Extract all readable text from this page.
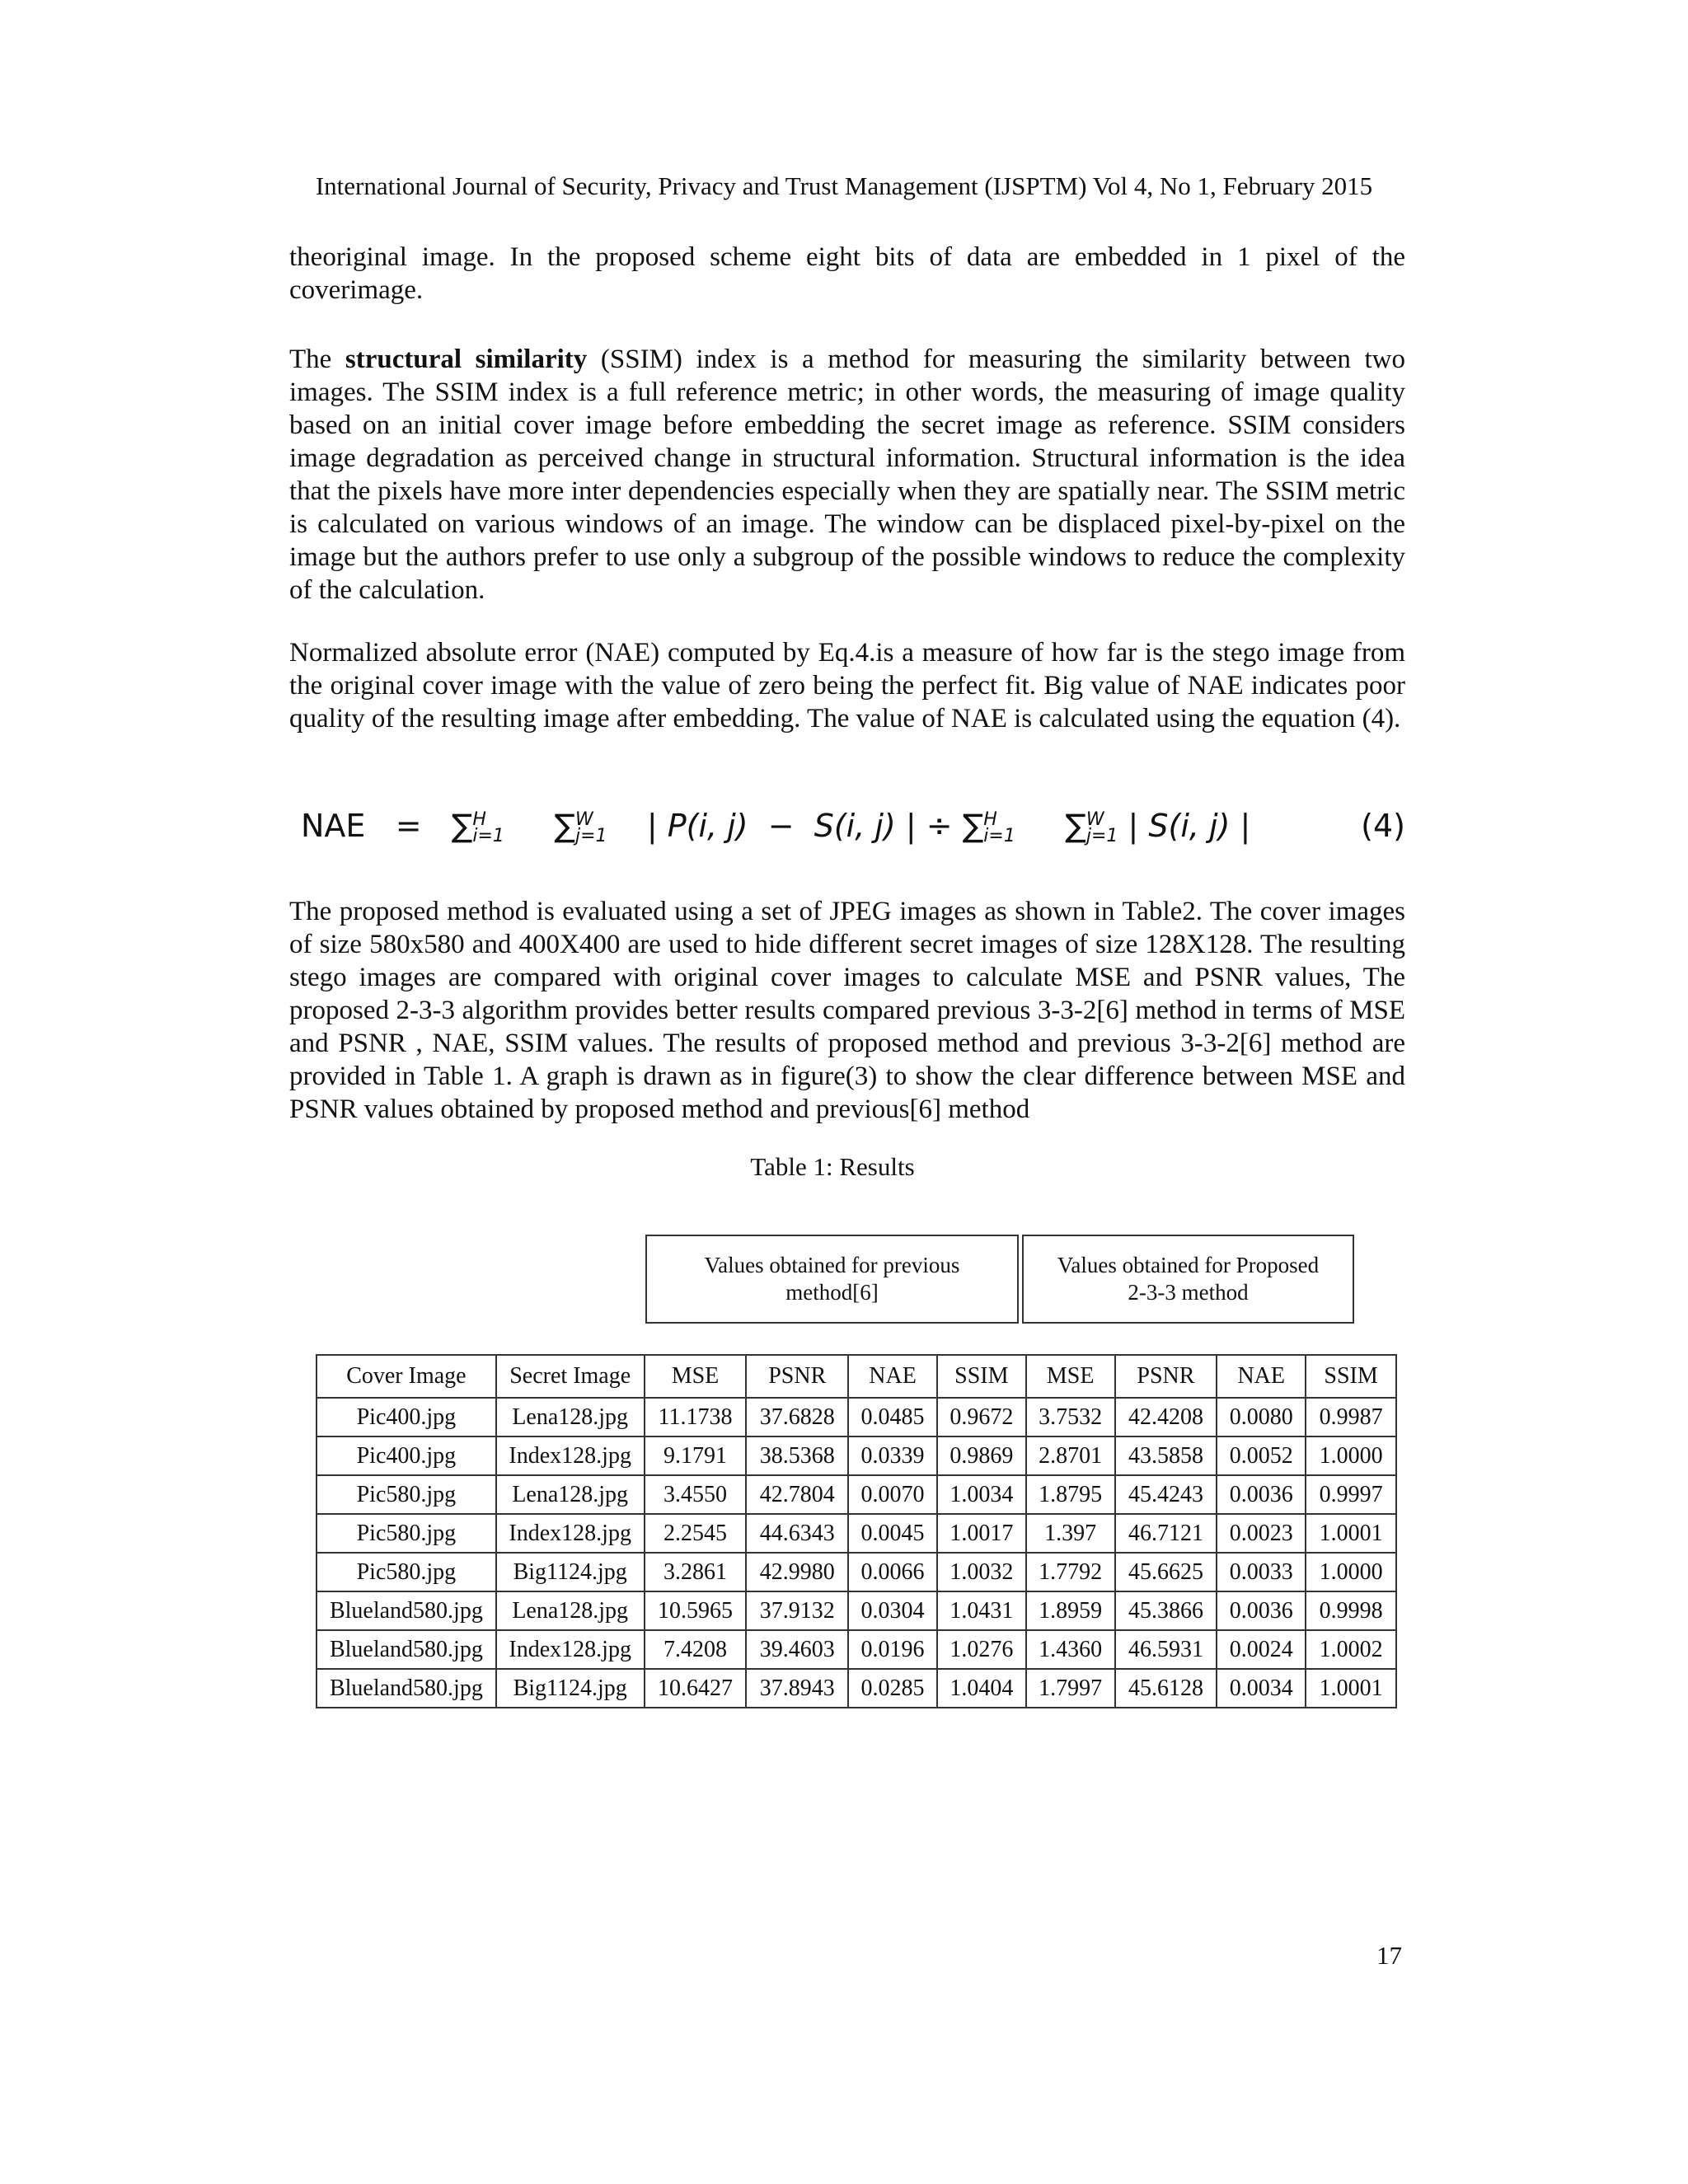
International Journal of Security, Privacy and Trust Management (IJSPTM) Vol 4, No 1, February 2015

theoriginal image. In the proposed scheme eight bits of data are embedded in 1 pixel of the coverimage.

The structural similarity (SSIM) index is a method for measuring the similarity between two images. The SSIM index is a full reference metric; in other words, the measuring of image quality based on an initial cover image before embedding the secret image as reference. SSIM considers image degradation as perceived change in structural information. Structural information is the idea that the pixels have more inter dependencies especially when they are spatially near. The SSIM metric is calculated on various windows of an image. The window can be displaced pixel-by-pixel on the image but the authors prefer to use only a subgroup of the possible windows to reduce the complexity of the calculation.

Normalized absolute error (NAE) computed by Eq.4.is a measure of how far is the stego image from the original cover image with the value of zero being the perfect fit. Big value of NAE indicates poor quality of the resulting image after embedding. The value of NAE is calculated using the equation (4).

NAE = ∑H
i=1 ∑W
j=1    | P(i, j) − S(i, j) | ÷ ∑H
i=1 ∑W
j=1 | S(i, j) |	(4)

The proposed method is evaluated using a set of JPEG images as shown in Table2. The cover images of size 580x580 and 400X400 are used to hide different secret images of size 128X128. The resulting stego images are compared with original cover images to calculate MSE and PSNR values, The proposed 2-3-3 algorithm provides better results compared previous 3-3-2[6] method in terms of MSE and PSNR , NAE, SSIM values. The results of proposed method and previous 3-3-2[6] method are provided in Table 1. A graph is drawn as in figure(3) to show the clear difference between MSE and PSNR values obtained by proposed method and previous[6] method

Table 1: Results
Values obtained for previous
method[6]
Values obtained for Proposed
2-3-3 method
Cover Image	Secret Image	MSE	PSNR	NAE	SSIM	MSE	PSNR	NAE	SSIM
Pic400.jpg	Lena128.jpg	11.1738	37.6828	0.0485	0.9672	3.7532	42.4208	0.0080	0.9987
Pic400.jpg	Index128.jpg	9.1791	38.5368	0.0339	0.9869	2.8701	43.5858	0.0052	1.0000
Pic580.jpg	Lena128.jpg	3.4550	42.7804	0.0070	1.0034	1.8795	45.4243	0.0036	0.9997
Pic580.jpg	Index128.jpg	2.2545	44.6343	0.0045	1.0017	1.397	46.7121	0.0023	1.0001
Pic580.jpg	Big1124.jpg	3.2861	42.9980	0.0066	1.0032	1.7792	45.6625	0.0033	1.0000
Blueland580.jpg	Lena128.jpg	10.5965	37.9132	0.0304	1.0431	1.8959	45.3866	0.0036	0.9998
Blueland580.jpg	Index128.jpg	7.4208	39.4603	0.0196	1.0276	1.4360	46.5931	0.0024	1.0002
Blueland580.jpg	Big1124.jpg	10.6427	37.8943	0.0285	1.0404	1.7997	45.6128	0.0034	1.0001
17
